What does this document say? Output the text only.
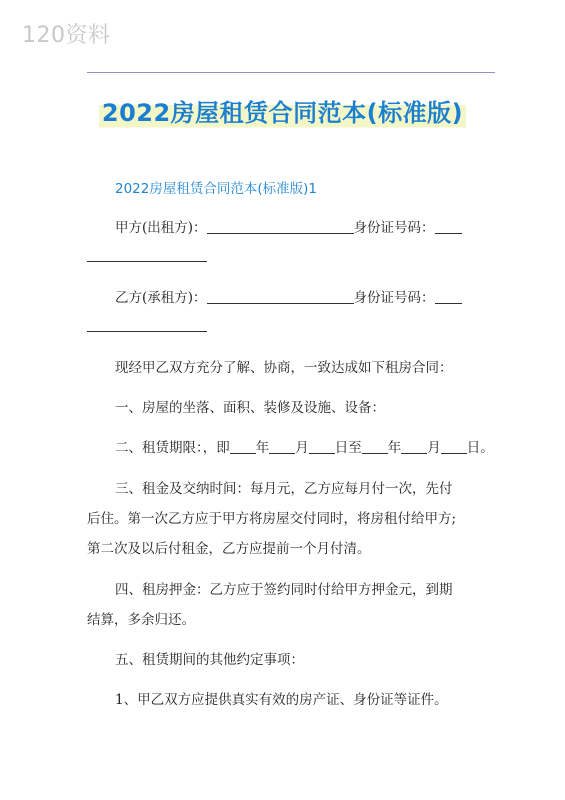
120资料
2022房屋租赁合同范本(标准版)
2022房屋租赁合同范本(标准版)1
甲方(出租方)：	身份证号码：
乙方(承租方)：	身份证号码：
现经甲乙双方充分了解、协商，一致达成如下租房合同：
一、房屋的坐落、面积、装修及设施、设备：
二、租赁期限：，即 年 月 日至 年 月 日。
三、租金及交纳时间：每月元，乙方应每月付一次，先付
后住。第一次乙方应于甲方将房屋交付同时，将房租付给甲方;
第二次及以后付租金，乙方应提前一个月付清。
四、租房押金：乙方应于签约同时付给甲方押金元，到期
结算，多余归还。
五、租赁期间的其他约定事项：
1、甲乙双方应提供真实有效的房产证、身份证等证件。
